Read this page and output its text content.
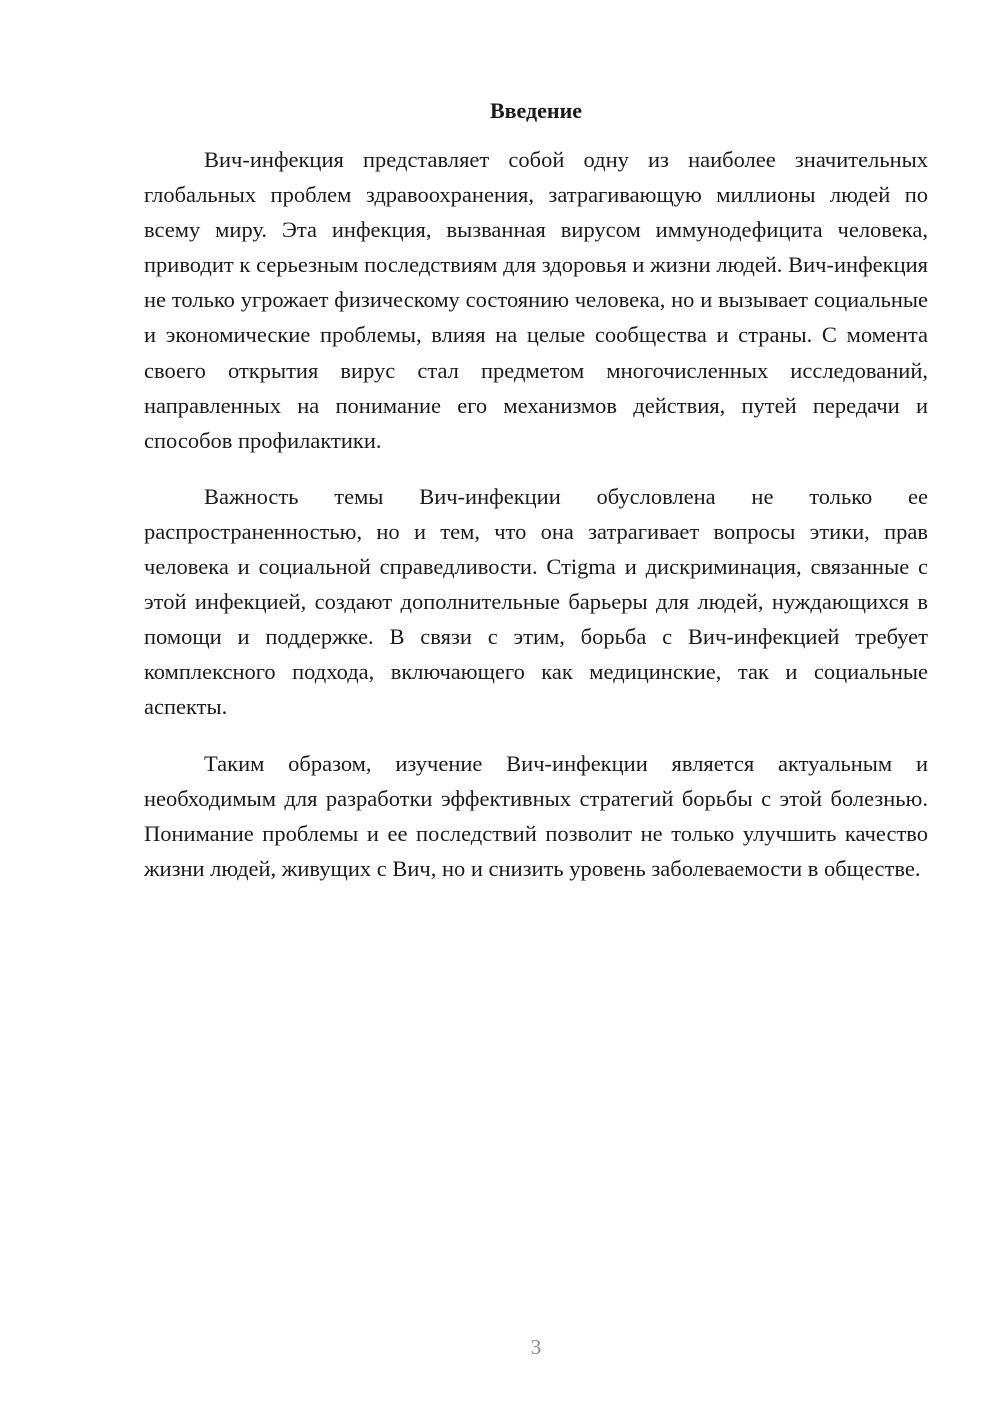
Введение

Вич-инфекция представляет собой одну из наиболее значительных глобальных проблем здравоохранения, затрагивающую миллионы людей по всему миру. Эта инфекция, вызванная вирусом иммунодефицита человека, приводит к серьезным последствиям для здоровья и жизни людей. Вич-инфекция не только угрожает физическому состоянию человека, но и вызывает социальные и экономические проблемы, влияя на целые сообщества и страны. С момента своего открытия вирус стал предметом многочисленных исследований, направленных на понимание его механизмов действия, путей передачи и способов профилактики.

Важность темы Вич-инфекции обусловлена не только ее распространенностью, но и тем, что она затрагивает вопросы этики, прав человека и социальной справедливости. Стigma и дискриминация, связанные с этой инфекцией, создают дополнительные барьеры для людей, нуждающихся в помощи и поддержке. В связи с этим, борьба с Вич-инфекцией требует комплексного подхода, включающего как медицинские, так и социальные аспекты.

Таким образом, изучение Вич-инфекции является актуальным и необходимым для разработки эффективных стратегий борьбы с этой болезнью. Понимание проблемы и ее последствий позволит не только улучшить качество жизни людей, живущих с Вич, но и снизить уровень заболеваемости в обществе.

3
